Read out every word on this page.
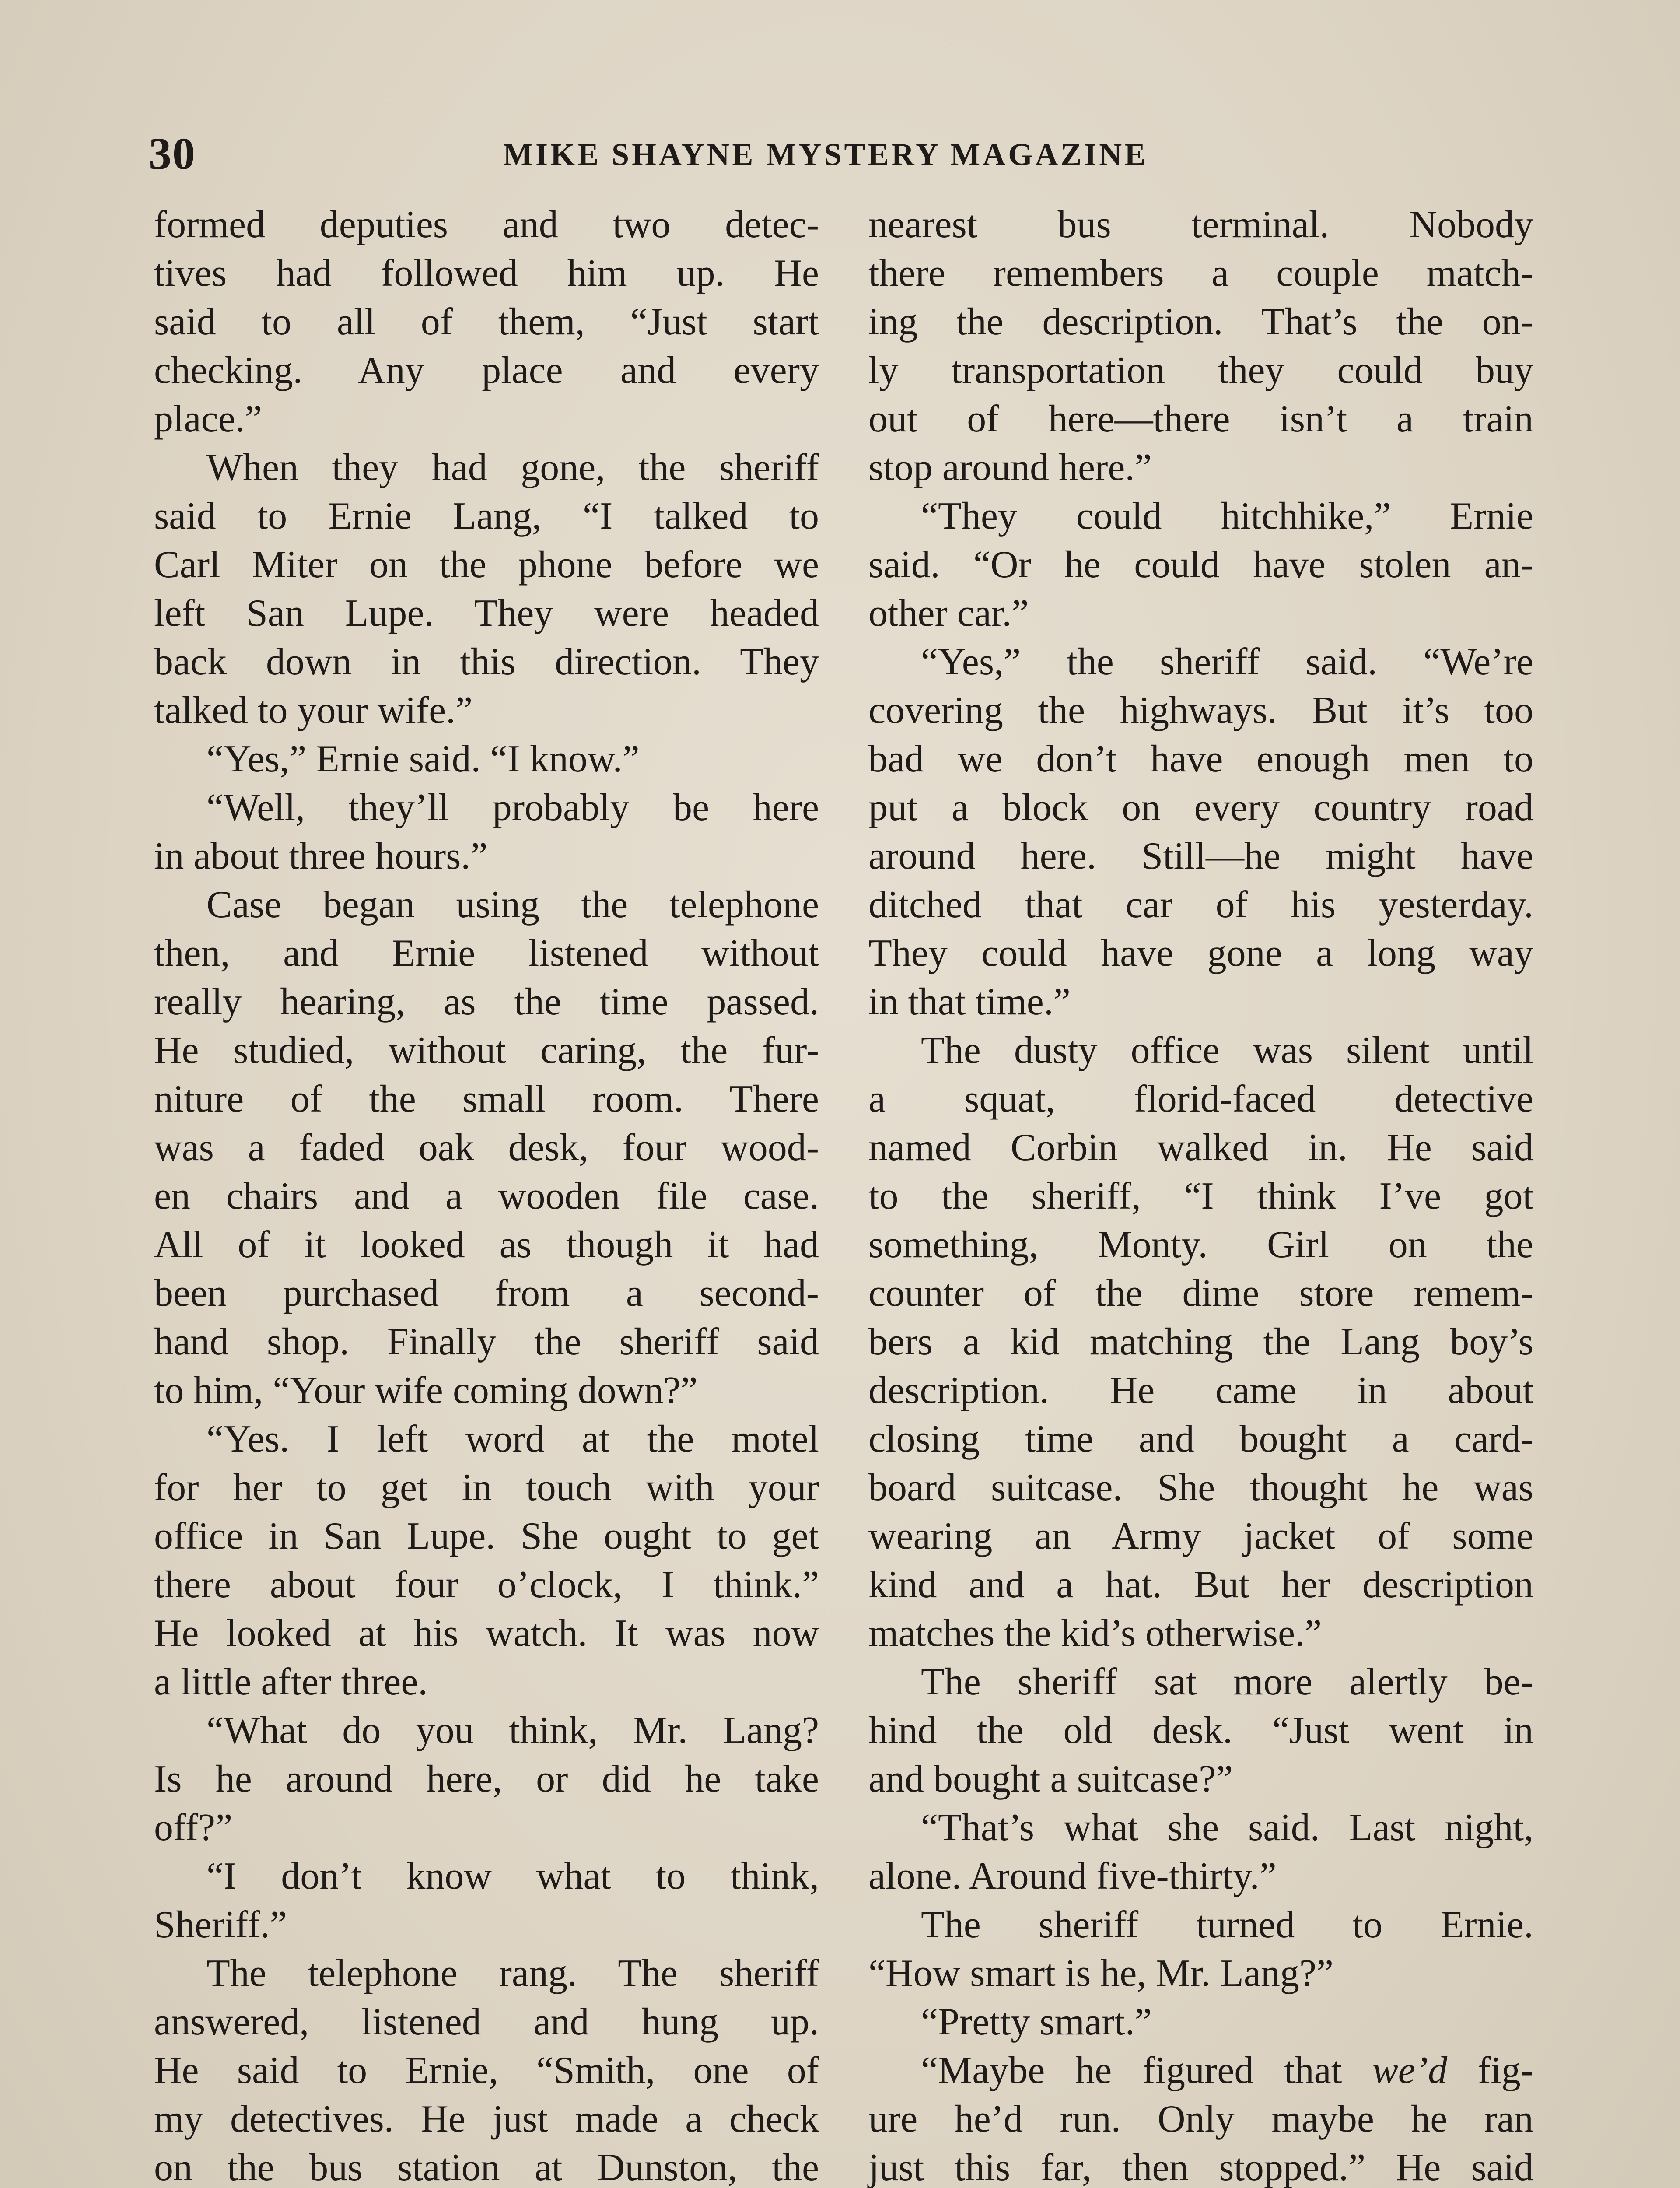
30	MIKE SHAYNE MYSTERY MAGAZINE
formed deputies and two detec-
tives had followed him up. He
said to all of them, “Just start
checking. Any place and every
place.”
When they had gone, the sheriff
said to Ernie Lang, “I talked to
Carl Miter on the phone before we
left San Lupe. They were headed
back down in this direction. They
talked to your wife.”
“Yes,” Ernie said. “I know.”
“Well, they’ll probably be here
in about three hours.”
Case began using the telephone
then, and Ernie listened without
really hearing, as the time passed.
He studied, without caring, the fur-
niture of the small room. There
was a faded oak desk, four wood-
en chairs and a wooden file case.
All of it looked as though it had
been purchased from a second-
hand shop. Finally the sheriff said
to him, “Your wife coming down?”
“Yes. I left word at the motel
for her to get in touch with your
office in San Lupe. She ought to get
there about four o’clock, I think.”
He looked at his watch. It was now
a little after three.
“What do you think, Mr. Lang?
Is he around here, or did he take
off?”
“I don’t know what to think,
Sheriff.”
The telephone rang. The sheriff
answered, listened and hung up.
He said to Ernie, “Smith, one of
my detectives. He just made a check
on the bus station at Dunston, the
nearest bus terminal. Nobody
there remembers a couple match-
ing the description. That’s the on-
ly transportation they could buy
out of here—there isn’t a train
stop around here.”
“They could hitchhike,” Ernie
said. “Or he could have stolen an-
other car.”
“Yes,” the sheriff said. “We’re
covering the highways. But it’s too
bad we don’t have enough men to
put a block on every country road
around here. Still—he might have
ditched that car of his yesterday.
They could have gone a long way
in that time.”
The dusty office was silent until
a squat, florid-faced detective
named Corbin walked in. He said
to the sheriff, “I think I’ve got
something, Monty. Girl on the
counter of the dime store remem-
bers a kid matching the Lang boy’s
description. He came in about
closing time and bought a card-
board suitcase. She thought he was
wearing an Army jacket of some
kind and a hat. But her description
matches the kid’s otherwise.”
The sheriff sat more alertly be-
hind the old desk. “Just went in
and bought a suitcase?”
“That’s what she said. Last night,
alone. Around five-thirty.”
The sheriff turned to Ernie.
“How smart is he, Mr. Lang?”
“Pretty smart.”
“Maybe he figured that we’d fig-
ure he’d run. Only maybe he ran
just this far, then stopped.” He said
